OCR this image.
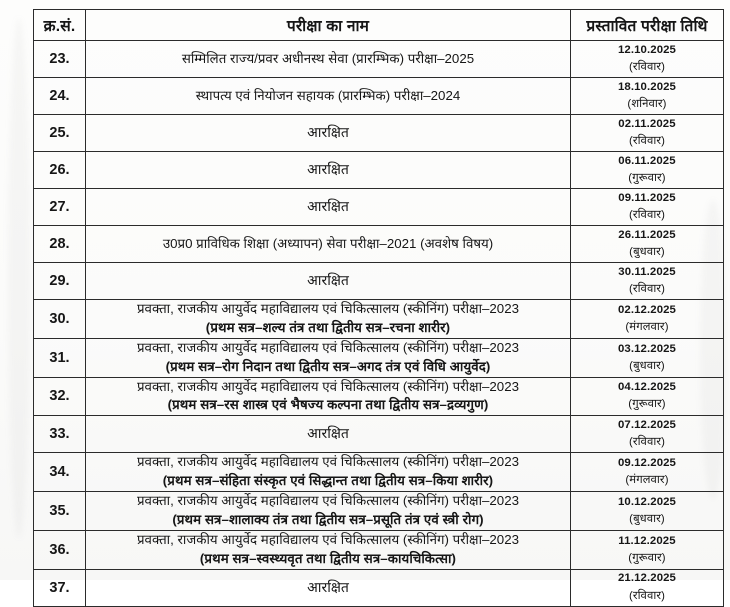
क्र.सं.	परीक्षा का नाम	प्रस्तावित परीक्षा तिथि
23.	सम्मिलित राज्य/प्रवर अधीनस्थ सेवा (प्रारम्भिक) परीक्षा–2025	12.10.2025
(रविवार)

24.	स्थापत्य एवं नियोजन सहायक (प्रारम्भिक) परीक्षा–2024	18.10.2025
(शनिवार)

25.	आरक्षित	02.11.2025
(रविवार)

26.	आरक्षित	06.11.2025
(गुरूवार)

27.	आरक्षित	09.11.2025
(रविवार)

28.	उ0प्र0 प्राविधिक शिक्षा (अध्यापन) सेवा परीक्षा–2021 (अवशेष विषय)	26.11.2025
(बुधवार)

29.	आरक्षित	30.11.2025
(रविवार)

30.	प्रवक्ता, राजकीय आयुर्वेद महाविद्यालय एवं चिकित्सालय (स्कीनिंग) परीक्षा–2023
(प्रथम सत्र–शल्य तंत्र तथा द्वितीय सत्र–रचना शारीर)	02.12.2025
(मंगलवार)

31.	प्रवक्ता, राजकीय आयुर्वेद महाविद्यालय एवं चिकित्सालय (स्कीनिंग) परीक्षा–2023
(प्रथम सत्र–रोग निदान तथा द्वितीय सत्र–अगद तंत्र एवं विधि आयुर्वेद)	03.12.2025
(बुधवार)

32.	प्रवक्ता, राजकीय आयुर्वेद महाविद्यालय एवं चिकित्सालय (स्कीनिंग) परीक्षा–2023
(प्रथम सत्र–रस शास्त्र एवं भैषज्य कल्पना तथा द्वितीय सत्र–द्रव्यगुण)	04.12.2025
(गुरूवार)

33.	आरक्षित	07.12.2025
(रविवार)

34.	प्रवक्ता, राजकीय आयुर्वेद महाविद्यालय एवं चिकित्सालय (स्कीनिंग) परीक्षा–2023
(प्रथम सत्र–संहिता संस्कृत एवं सिद्धान्त तथा द्वितीय सत्र–किया शारीर)	09.12.2025
(मंगलवार)

35.	प्रवक्ता, राजकीय आयुर्वेद महाविद्यालय एवं चिकित्सालय (स्कीनिंग) परीक्षा–2023
(प्रथम सत्र–शालाक्य तंत्र तथा द्वितीय सत्र–प्रसूति तंत्र एवं स्त्री रोग)	10.12.2025
(बुधवार)

36.	प्रवक्ता, राजकीय आयुर्वेद महाविद्यालय एवं चिकित्सालय (स्कीनिंग) परीक्षा–2023
(प्रथम सत्र–स्वस्थ्यवृत तथा द्वितीय सत्र–कायचिकित्सा)	11.12.2025
(गुरूवार)

37.	आरक्षित	21.12.2025
(रविवार)
